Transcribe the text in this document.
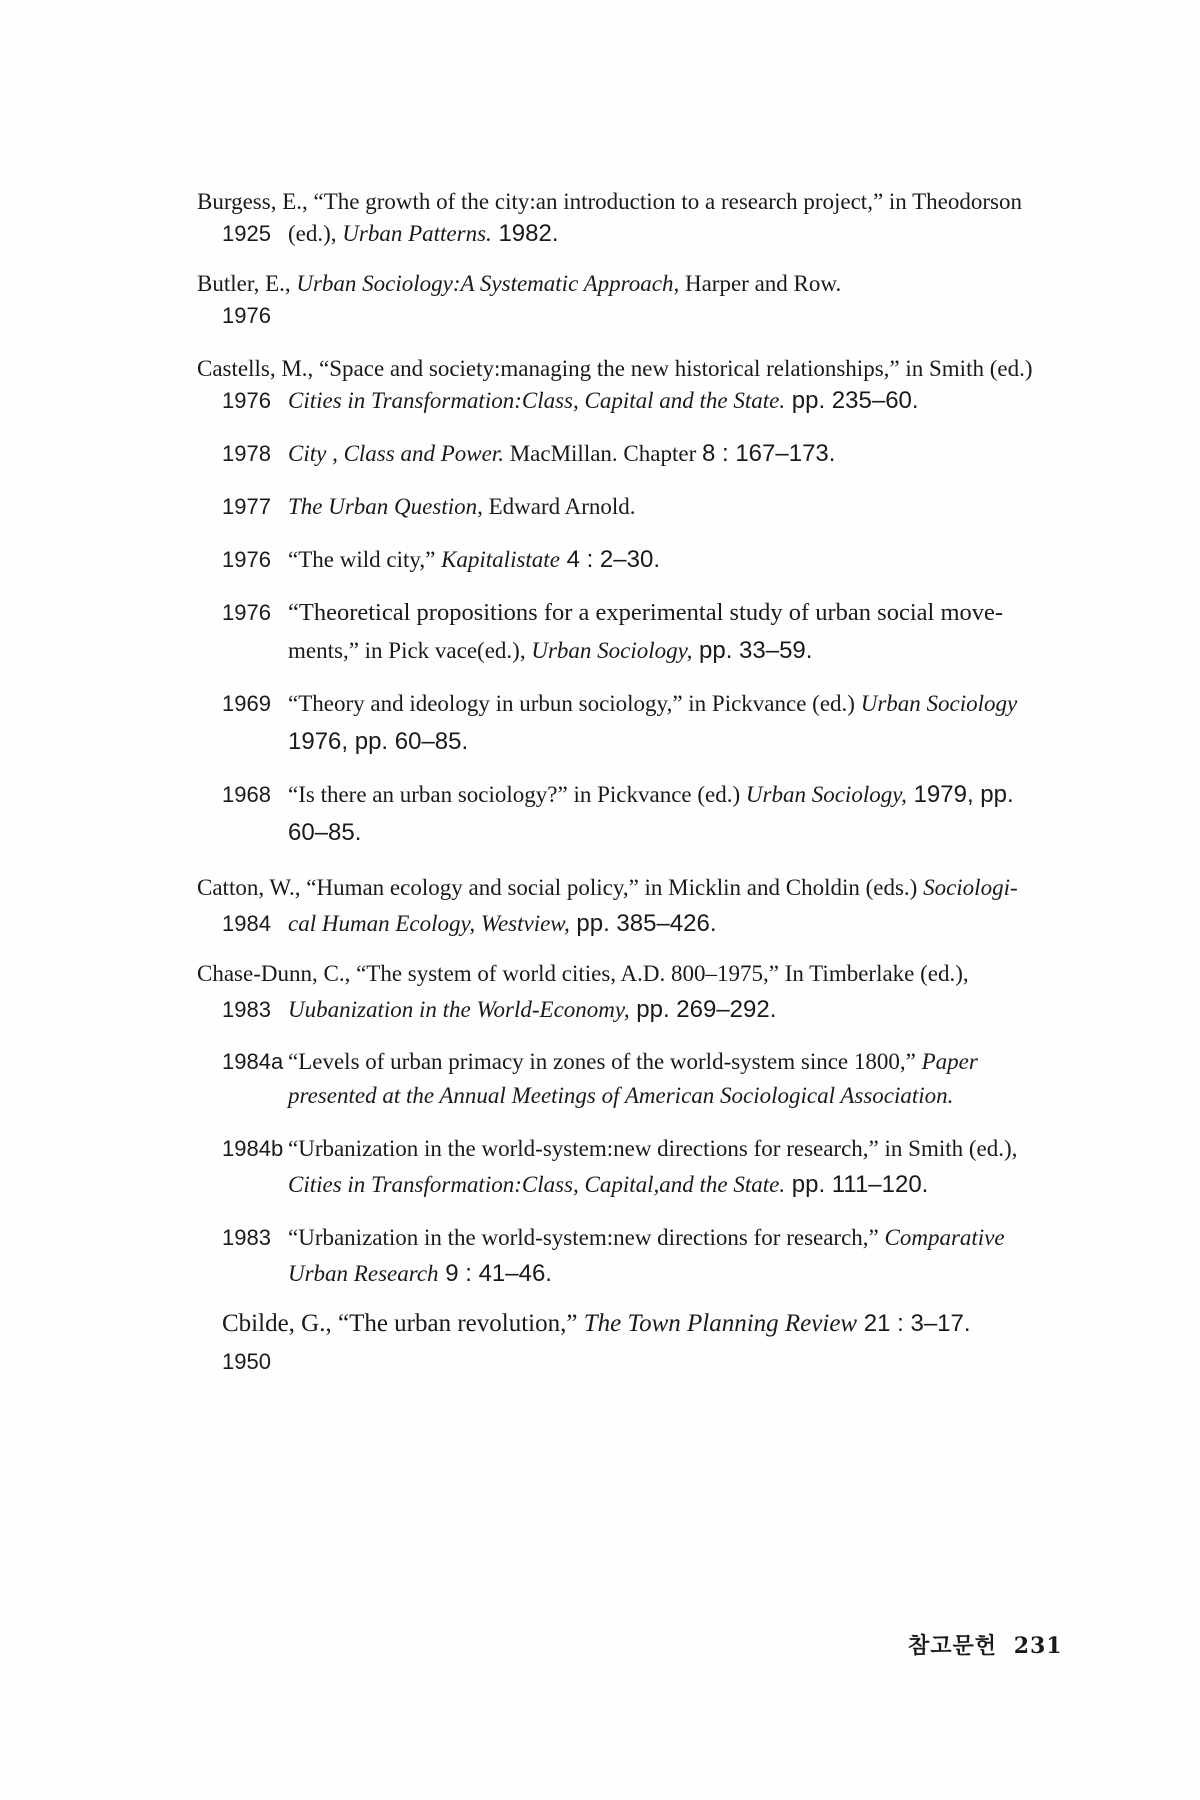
Burgess, E., “The growth of the city:an introduction to a research project,” in Theodorson
1925 (ed.), Urban Patterns. 1982.
Butler, E., Urban Sociology:A Systematic Approach, Harper and Row.
1976
Castells, M., “Space and society:managing the new historical relationships,” in Smith (ed.)
1976 Cities in Transformation:Class, Capital and the State. pp. 235–60.
1978 City , Class and Power. MacMillan. Chapter 8 : 167–173.
1977 The Urban Question, Edward Arnold.
1976 “The wild city,” Kapitalistate 4 : 2–30.
1976 “Theoretical propositions for a experimental study of urban social move-
ments,” in Pick vace(ed.), Urban Sociology, pp. 33–59.
1969 “Theory and ideology in urbun sociology,” in Pickvance (ed.) Urban Sociology
1976, pp. 60–85.
1968 “Is there an urban sociology?” in Pickvance (ed.) Urban Sociology, 1979, pp.
60–85.
Catton, W., “Human ecology and social policy,” in Micklin and Choldin (eds.) Sociologi-
1984 cal Human Ecology, Westview, pp. 385–426.
Chase-Dunn, C., “The system of world cities, A.D. 800–1975,” In Timberlake (ed.),
1983 Uubanization in the World-Economy, pp. 269–292.
1984a “Levels of urban primacy in zones of the world-system since 1800,” Paper
presented at the Annual Meetings of American Sociological Association.
1984b “Urbanization in the world-system:new directions for research,” in Smith (ed.),
Cities in Transformation:Class, Capital,and the State. pp. 111–120.
1983 “Urbanization in the world-system:new directions for research,” Comparative
Urban Research 9 : 41–46.
Cbilde, G., “The urban revolution,” The Town Planning Review 21 : 3–17.
1950
참고문헌 231
